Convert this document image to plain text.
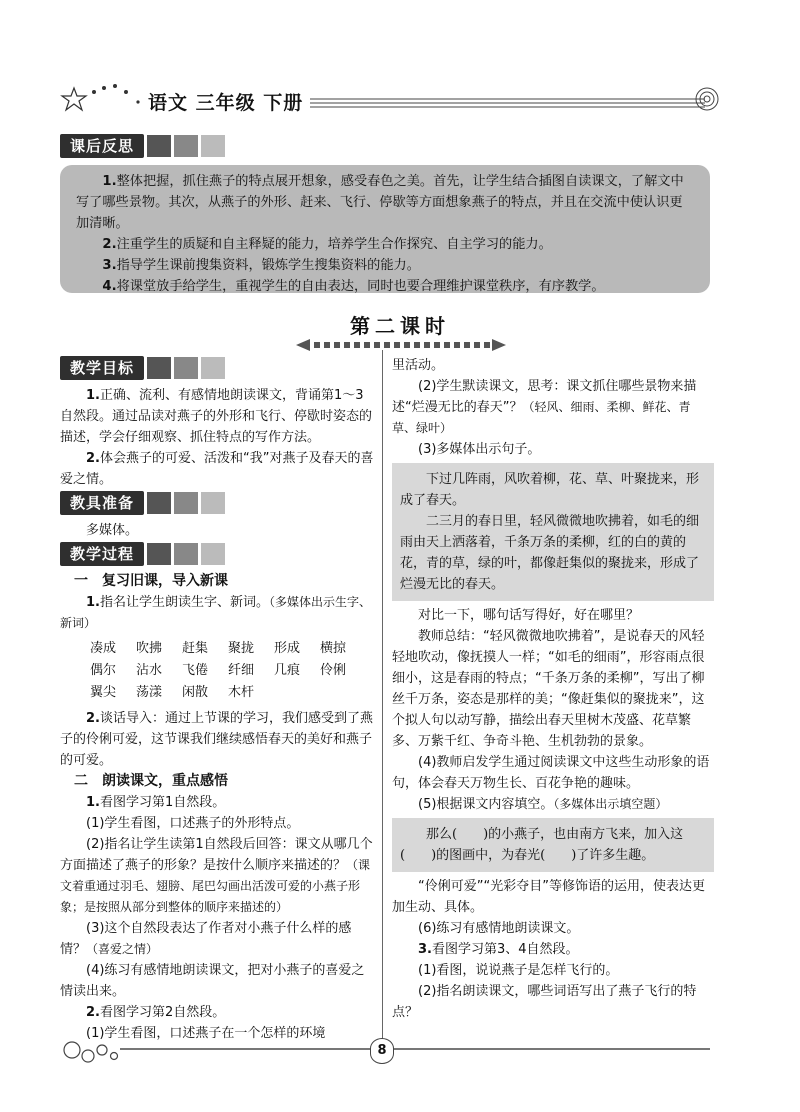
语文 三年级 下册
课后反思

1.整体把握，抓住燕子的特点展开想象，感受春色之美。首先，让学生结合插图自读课文，了解文中写了哪些景物。其次，从燕子的外形、赶来、飞行、停歇等方面想象燕子的特点，并且在交流中使认识更加清晰。

2.注重学生的质疑和自主释疑的能力，培养学生合作探究、自主学习的能力。

3.指导学生课前搜集资料，锻炼学生搜集资料的能力。

4.将课堂放手给学生，重视学生的自由表达，同时也要合理维护课堂秩序，有序教学。

第二课时
教学目标

1.正确、流利、有感情地朗读课文，背诵第1～3自然段。通过品读对燕子的外形和飞行、停歇时姿态的描述，学会仔细观察、抓住特点的写作方法。

2.体会燕子的可爱、活泼和“我”对燕子及春天的喜爱之情。

教具准备

多媒体。

教学过程

一　复习旧课，导入新课

1.指名让学生朗读生字、新词。（多媒体出示生字、新词）

凑成	吹拂	赶集	聚拢	形成	横掠
偶尔	沾水	飞倦	纤细	几痕	伶俐
翼尖	荡漾	闲散	木杆

2.谈话导入：通过上节课的学习，我们感受到了燕子的伶俐可爱，这节课我们继续感悟春天的美好和燕子的可爱。

二　朗读课文，重点感悟

1.看图学习第1自然段。

(1)学生看图，口述燕子的外形特点。

(2)指名让学生读第1自然段后回答：课文从哪几个方面描述了燕子的形象？是按什么顺序来描述的？（课文着重通过羽毛、翅膀、尾巴勾画出活泼可爱的小燕子形象；是按照从部分到整体的顺序来描述的）

(3)这个自然段表达了作者对小燕子什么样的感情？（喜爱之情）

(4)练习有感情地朗读课文，把对小燕子的喜爱之情读出来。

2.看图学习第2自然段。

(1)学生看图，口述燕子在一个怎样的环境

里活动。

(2)学生默读课文，思考：课文抓住哪些景物来描述“烂漫无比的春天”？（轻风、细雨、柔柳、鲜花、青草、绿叶）

(3)多媒体出示句子。

下过几阵雨，风吹着柳，花、草、叶聚拢来，形成了春天。

二三月的春日里，轻风微微地吹拂着，如毛的细雨由天上洒落着，千条万条的柔柳，红的白的黄的花，青的草，绿的叶，都像赶集似的聚拢来，形成了烂漫无比的春天。

对比一下，哪句话写得好，好在哪里？

教师总结：“轻风微微地吹拂着”，是说春天的风轻轻地吹动，像抚摸人一样；“如毛的细雨”，形容雨点很细小，这是春雨的特点；“千条万条的柔柳”，写出了柳丝千万条，姿态是那样的美；“像赶集似的聚拢来”，这个拟人句以动写静，描绘出春天里树木茂盛、花草繁多、万紫千红、争奇斗艳、生机勃勃的景象。

(4)教师启发学生通过阅读课文中这些生动形象的语句，体会春天万物生长、百花争艳的趣味。

(5)根据课文内容填空。（多媒体出示填空题）

那么(　　)的小燕子，也由南方飞来，加入这(　　)的图画中，为春光(　　)了许多生趣。

“伶俐可爱”“光彩夺目”等修饰语的运用，使表达更加生动、具体。

(6)练习有感情地朗读课文。

3.看图学习第3、4自然段。

(1)看图，说说燕子是怎样飞行的。

(2)指名朗读课文，哪些词语写出了燕子飞行的特点？

8
